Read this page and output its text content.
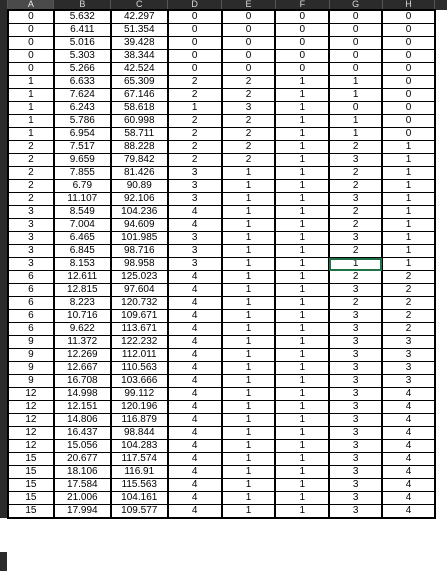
	A	B	C	D	E	F	G	H	
	0	5.632	42.297	0	0	0	0	0	
	0	6.411	51.354	0	0	0	0	0	
	0	5.016	39.428	0	0	0	0	0	
	0	5.303	38.344	0	0	0	0	0	
	0	5.266	42.524	0	0	0	0	0	
	1	6.633	65.309	2	2	1	1	0	
	1	7.624	67.146	2	2	1	1	0	
	1	6.243	58.618	1	3	1	0	0	
	1	5.786	60.998	2	2	1	1	0	
	1	6.954	58.711	2	2	1	1	0	
	2	7.517	88.228	2	2	1	2	1	
	2	9.659	79.842	2	2	1	3	1	
	2	7.855	81.426	3	1	1	2	1	
	2	6.79	90.89	3	1	1	2	1	
	2	11.107	92.106	3	1	1	3	1	
	3	8.549	104.236	4	1	1	2	1	
	3	7.004	94.609	4	1	1	2	1	
	3	6.465	101.985	3	1	1	3	1	
	3	6.845	98.716	3	1	1	2	1	
	3	8.153	98.958	3	1	1	1	1	
	6	12.611	125.023	4	1	1	2	2	
	6	12.815	97.604	4	1	1	3	2	
	6	8.223	120.732	4	1	1	2	2	
	6	10.716	109.671	4	1	1	3	2	
	6	9.622	113.671	4	1	1	3	2	
	9	11.372	122.232	4	1	1	3	3	
	9	12.269	112.011	4	1	1	3	3	
	9	12.667	110.563	4	1	1	3	3	
	9	16.708	103.666	4	1	1	3	3	
	12	14.998	99.112	4	1	1	3	4	
	12	12.151	120.196	4	1	1	3	4	
	12	14.806	116.879	4	1	1	3	4	
	12	16.437	98.844	4	1	1	3	4	
	12	15.056	104.283	4	1	1	3	4	
	15	20.677	117.574	4	1	1	3	4	
	15	18.106	116.91	4	1	1	3	4	
	15	17.584	115.563	4	1	1	3	4	
	15	21.006	104.161	4	1	1	3	4	
	15	17.994	109.577	4	1	1	3	4	
